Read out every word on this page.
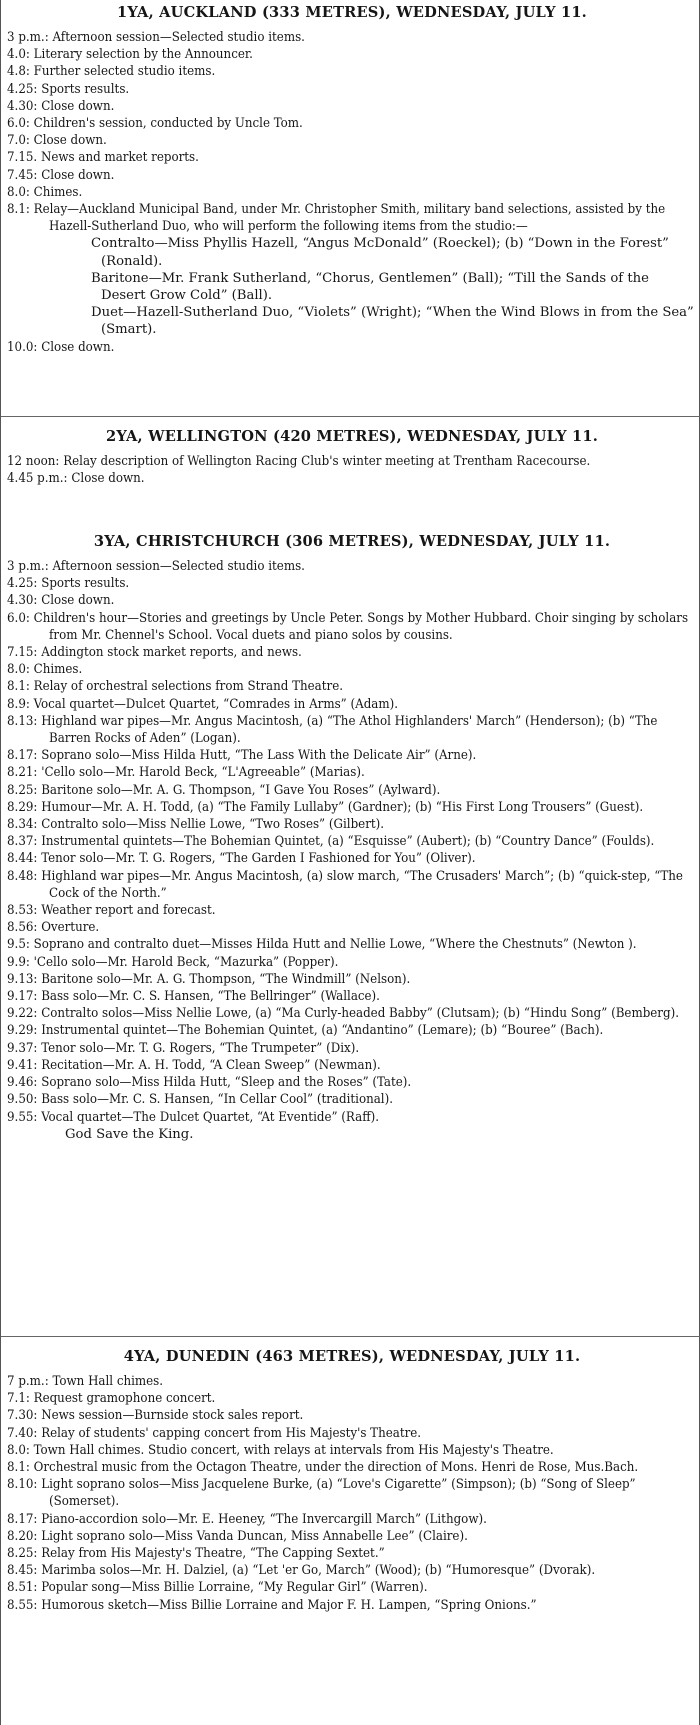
1YA, AUCKLAND (333 METRES), WEDNESDAY, JULY 11.

3 p.m.: Afternoon session—Selected studio items.

4.0: Literary selection by the Announcer.

4.8: Further selected studio items.

4.25: Sports results.

4.30: Close down.

6.0: Children's session, conducted by Uncle Tom.

7.0: Close down.

7.15. News and market reports.

7.45: Close down.

8.0: Chimes.

8.1: Relay—Auckland Municipal Band, under Mr. Christopher Smith, military band selections, assisted by the Hazell-Sutherland Duo, who will perform the following items from the studio:—

Contralto—Miss Phyllis Hazell, “Angus McDonald” (Roeckel); (b) “Down in the Forest” (Ronald).

Baritone—Mr. Frank Sutherland, “Chorus, Gentlemen” (Ball); “Till the Sands of the Desert Grow Cold” (Ball).

Duet—Hazell-Sutherland Duo, “Violets” (Wright); “When the Wind Blows in from the Sea” (Smart).

10.0: Close down.

2YA, WELLINGTON (420 METRES), WEDNESDAY, JULY 11.

12 noon: Relay description of Wellington Racing Club's winter meeting at Trentham Racecourse.

4.45 p.m.: Close down.

3YA, CHRISTCHURCH (306 METRES), WEDNESDAY, JULY 11.

3 p.m.: Afternoon session—Selected studio items.

4.25: Sports results.

4.30: Close down.

6.0: Children's hour—Stories and greetings by Uncle Peter. Songs by Mother Hubbard. Choir singing by scholars from Mr. Chennel's School. Vocal duets and piano solos by cousins.

7.15: Addington stock market reports, and news.

8.0: Chimes.

8.1: Relay of orchestral selections from Strand Theatre.

8.9: Vocal quartet—Dulcet Quartet, “Comrades in Arms” (Adam).

8.13: Highland war pipes—Mr. Angus Macintosh, (a) “The Athol Highlanders' March” (Henderson); (b) “The Barren Rocks of Aden” (Logan).

8.17: Soprano solo—Miss Hilda Hutt, “The Lass With the Delicate Air” (Arne).

8.21: 'Cello solo—Mr. Harold Beck, “L'Agreeable” (Marias).

8.25: Baritone solo—Mr. A. G. Thompson, “I Gave You Roses” (Aylward).

8.29: Humour—Mr. A. H. Todd, (a) “The Family Lullaby” (Gardner); (b) “His First Long Trousers” (Guest).

8.34: Contralto solo—Miss Nellie Lowe, “Two Roses” (Gilbert).

8.37: Instrumental quintets—The Bohemian Quintet, (a) “Esquisse” (Aubert); (b) “Country Dance” (Foulds).

8.44: Tenor solo—Mr. T. G. Rogers, “The Garden I Fashioned for You” (Oliver).

8.48: Highland war pipes—Mr. Angus Macintosh, (a) slow march, “The Crusaders' March”; (b) “quick-step, “The Cock of the North.”

8.53: Weather report and forecast.

8.56: Overture.

9.5: Soprano and contralto duet—Misses Hilda Hutt and Nellie Lowe, “Where the Chestnuts” (Newton ).

9.9: 'Cello solo—Mr. Harold Beck, “Mazurka” (Popper).

9.13: Baritone solo—Mr. A. G. Thompson, “The Windmill” (Nelson).

9.17: Bass solo—Mr. C. S. Hansen, “The Bellringer” (Wallace).

9.22: Contralto solos—Miss Nellie Lowe, (a) “Ma Curly-headed Babby” (Clutsam); (b) “Hindu Song” (Bemberg).

9.29: Instrumental quintet—The Bohemian Quintet, (a) “Andantino” (Lemare); (b) “Bouree” (Bach).

9.37: Tenor solo—Mr. T. G. Rogers, “The Trumpeter” (Dix).

9.41: Recitation—Mr. A. H. Todd, “A Clean Sweep” (Newman).

9.46: Soprano solo—Miss Hilda Hutt, “Sleep and the Roses” (Tate).

9.50: Bass solo—Mr. C. S. Hansen, “In Cellar Cool” (traditional).

9.55: Vocal quartet—The Dulcet Quartet, “At Eventide” (Raff).

God Save the King.

4YA, DUNEDIN (463 METRES), WEDNESDAY, JULY 11.

7 p.m.: Town Hall chimes.

7.1: Request gramophone concert.

7.30: News session—Burnside stock sales report.

7.40: Relay of students' capping concert from His Majesty's Theatre.

8.0: Town Hall chimes. Studio concert, with relays at intervals from His Majesty's Theatre.

8.1: Orchestral music from the Octagon Theatre, under the direction of Mons. Henri de Rose, Mus.Bach.

8.10: Light soprano solos—Miss Jacquelene Burke, (a) “Love's Cigarette” (Simpson); (b) “Song of Sleep” (Somerset).

8.17: Piano-accordion solo—Mr. E. Heeney, “The Invercargill March” (Lithgow).

8.20: Light soprano solo—Miss Vanda Duncan, Miss Annabelle Lee” (Claire).

8.25: Relay from His Majesty's Theatre, “The Capping Sextet.”

8.45: Marimba solos—Mr. H. Dalziel, (a) “Let 'er Go, March” (Wood); (b) “Humoresque” (Dvorak).

8.51: Popular song—Miss Billie Lorraine, “My Regular Girl” (Warren).

8.55: Humorous sketch—Miss Billie Lorraine and Major F. H. Lampen, “Spring Onions.”
